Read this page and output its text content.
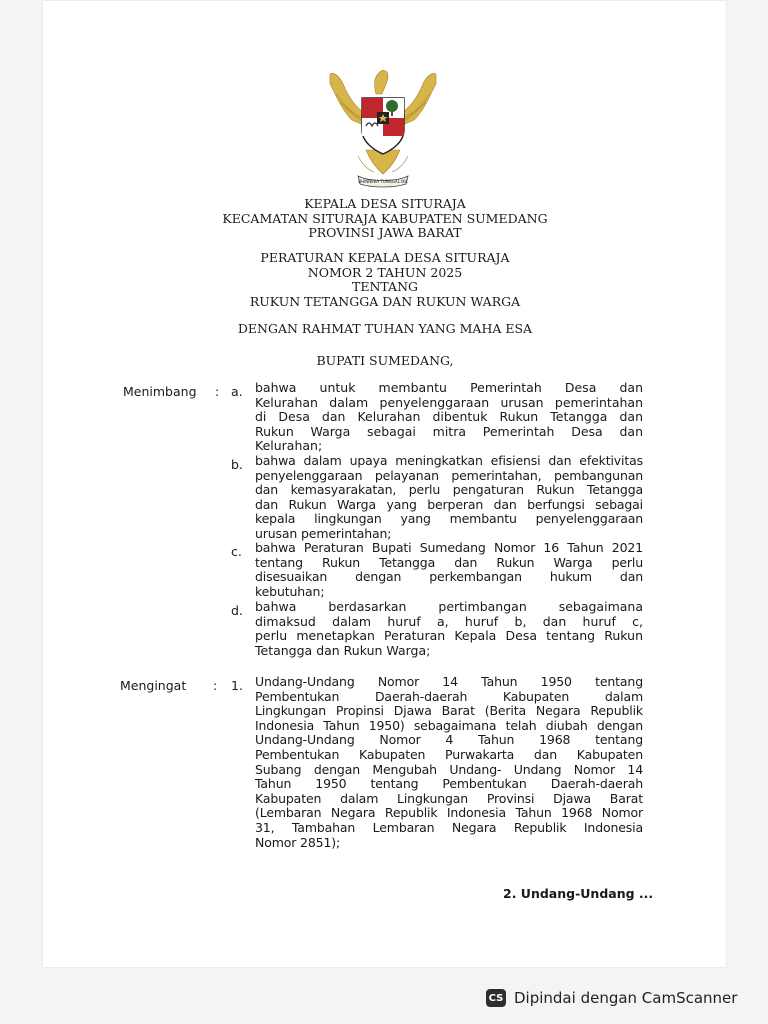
BHINNEKA TUNGGAL IKA
KEPALA DESA SITURAJA
KECAMATAN SITURAJA KABUPATEN SUMEDANG
PROVINSI JAWA BARAT
PERATURAN KEPALA DESA SITURAJA
NOMOR 2 TAHUN 2025
TENTANG
RUKUN TETANGGA DAN RUKUN WARGA
DENGAN RAHMAT TUHAN YANG MAHA ESA
BUPATI SUMEDANG,
Menimbang : a. bahwa untuk membantu Pemerintah Desa dan
Kelurahan dalam penyelenggaraan urusan pemerintahan
di Desa dan Kelurahan dibentuk Rukun Tetangga dan
Rukun Warga sebagai mitra Pemerintah Desa dan
Kelurahan;
b. bahwa dalam upaya meningkatkan efisiensi dan efektivitas
penyelenggaraan pelayanan pemerintahan, pembangunan
dan kemasyarakatan, perlu pengaturan Rukun Tetangga
dan Rukun Warga yang berperan dan berfungsi sebagai
kepala lingkungan yang membantu penyelenggaraan
urusan pemerintahan;
c. bahwa Peraturan Bupati Sumedang Nomor 16 Tahun 2021
tentang Rukun Tetangga dan Rukun Warga perlu
disesuaikan dengan perkembangan hukum dan
kebutuhan;
d. bahwa berdasarkan pertimbangan sebagaimana
dimaksud dalam huruf a, huruf b, dan huruf c,
perlu menetapkan Peraturan Kepala Desa tentang Rukun
Tetangga dan Rukun Warga;
Mengingat : 1. Undang-Undang Nomor 14 Tahun 1950 tentang
Pembentukan Daerah-daerah Kabupaten dalam
Lingkungan Propinsi Djawa Barat (Berita Negara Republik
Indonesia Tahun 1950) sebagaimana telah diubah dengan
Undang-Undang Nomor 4 Tahun 1968 tentang
Pembentukan Kabupaten Purwakarta dan Kabupaten
Subang dengan Mengubah Undang- Undang Nomor 14
Tahun 1950 tentang Pembentukan Daerah-daerah
Kabupaten dalam Lingkungan Provinsi Djawa Barat
(Lembaran Negara Republik Indonesia Tahun 1968 Nomor
31, Tambahan Lembaran Negara Republik Indonesia
Nomor 2851);
2. Undang-Undang ...
CS Dipindai dengan CamScanner
